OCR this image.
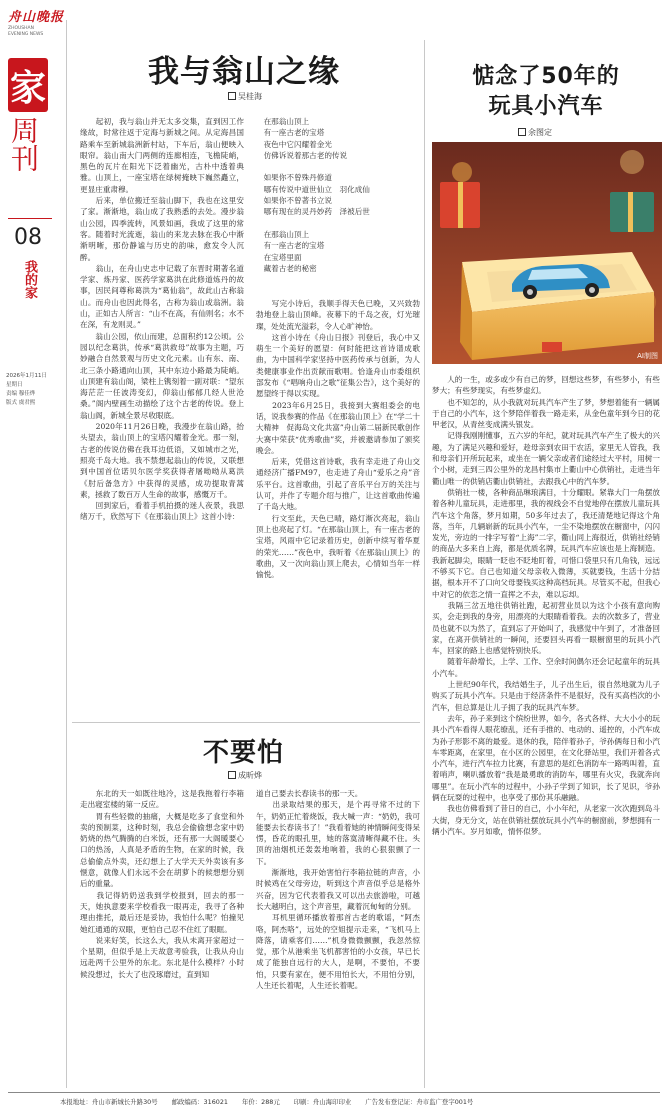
舟山晚报
ZHOUSHAN EVENING NEWS
家
周刊
08
我的家
2026年1月11日
星期日
责编 穆佳烨
版式 虞君熙
我与翁山之缘
吴桂海

　　起初，我与翁山并无太多交集，直到因工作缘故，时常往返于定海与新城之间。从定海昌国路乘车至新城翁洲新村站，下车后，翁山便映入眼帘。翁山南大门两侧的连廊相连，飞檐陡峭，黑色的瓦片在阳光下泛着幽光，古朴中透着典雅。山顶上，一座宝塔在绿树掩映下巍然矗立，更显庄重肃穆。
　　后来，单位搬迁至翁山脚下，我也在这里安了家。渐渐地，翁山成了我熟悉的去处。漫步翁山公园，四季流转，风景如画，我成了这里的常客。随着时光流逝，翁山的来龙去脉在我心中渐渐明晰，那份静谧与历史的韵味，愈发令人沉醉。
　　翁山，在舟山史志中记载了东晋时期著名道学家、炼丹家、医药学家葛洪在此修道炼丹的故事，因民间尊称葛洪为“葛仙翁”，故此山古称翁山。而舟山也因此得名，古称为翁山或翁洲。翁山，正如古人所言：“山不在高，有仙则名；水不在深，有龙则灵。”
　　翁山公园，依山而建，总面积约12公顷。公园以纪念葛洪，传承“葛洪救母”故事为主题，巧妙融合自然景观与历史文化元素。山有东、南、北三条小路通向山顶，其中东边小路最为陡峭。山顶建有翁山阁，梁柱上镌刻着一副对联：“望东海茫茫一任波涛变幻，仰翁山郁郁几经人世沧桑。”阁内壁画生动描绘了这个古老的传说。登上翁山阁，新城全景尽收眼底。
　　2020年11月26日晚，我漫步在翁山路，抬头望去，翁山顶上的宝塔闪耀着金光。那一刻，古老的传说仿佛在我耳边低语，又如城市之光，照亮千岛大地。我不禁想起翁山的传说，又联想到中国首位诺贝尔医学奖获得者屠呦呦从葛洪《肘后备急方》中获得的灵感，成功提取青蒿素，拯救了数百万人生命的故事，感慨万千。
　　回到家后，看着手机拍摄的迷人夜景，我思绪万千，欣然写下《在那翁山顶上》这首小诗：

　在那翁山顶上
　有一座古老的宝塔
　夜色中它闪耀着金光
　仿佛诉说着那古老的传说

　如果你不曾殊丹修道
　哪有传说中道世仙立　羽化成仙
　如果你不曾著书立说
　哪有现在的灵丹妙药　泽被后世

　在那翁山顶上
　有一座古老的宝塔
　在宝塔里面
　藏着古老的秘密

　　写完小诗后，我顺手得天色已晚，又兴致勃勃地登上翁山顶峰。夜幕下的千岛之夜，灯光璀璨，处处流光溢彩，令人心旷神怡。
　　这首小诗在《舟山日报》刊登后，我心中又萌生一个美好的愿望：何时能把这首诗谱成歌曲，为中国科学家坚持中医药传承与创新，为人类健康事业作出贡献而歌唱。恰逢舟山市委组织部发布《“唱响舟山之歌”征集公告》，这个美好的愿望终于得以实现。
　　2023年6月25日，我接到大赛组委会的电话，说我参赛的作品《在那翁山顶上》在“学二十大精神　促海岛文化共富”舟山第二届新民歌创作大赛中荣获“优秀歌曲”奖，并被邀请参加了颁奖晚会。
　　后来，凭借这首诗歌，我有幸走进了舟山交通经济广播FM97，也走进了舟山“爱乐之舟”音乐平台。这首歌曲，引起了音乐平台万的关注与认可，并作了专题介绍与推广，让这首歌曲传遍了千岛大地。
　　行文至此，天色已晴，路灯渐次亮起，翁山顶上也亮起了灯。“在那翁山顶上，有一座古老的宝塔，风雨中它记录着历史，创新中续写着华夏的荣光……”夜色中，我听着《在那翁山顶上》的歌曲，又一次向翁山顶上爬去，心情如当年一样愉悦。

不要怕
成昕烨

　　东北的天一如既往地冷，这是我拖着行李箱走出寝室楼的第一反应。
　　胃有些轻微的抽痛，大概是吃多了食堂和外卖的预制菜，这种时刻，我总会偷偷想念家中奶奶烧的热气腾腾的白米饭，还有那一大阁暖要心口的热汤，人真是矛盾的生物，在家的时候，我总偷偷点外卖，还幻想上了大学天天外卖该有多惬意，就像人们永远不会在胡萝卜的候想想分别后的重量。
　　我记得奶奶送我到学校报到，回去的那一天，她执意要来学校看我一眼再走，我寻了各种理由推托，最后还是妥协，我怕什么呢？怕撞见她红通通的双眼，更怕自己忍不住红了眼眶。
　　说来好笑，长这么大，我从未离开家超过一个星期，但似乎是上天故意考验我，让我从舟山远赴两千公里外的东北。东北是什么模样？小时候没想过，长大了也没琢磨过，直到知

道自己要去长春读书的那一天。
　　出录取结果的那天，是个再寻常不过的下午，奶奶正忙着烧饭，我大喊一声：“奶奶，我可能要去长春读书了！”我看着她的神情瞬间变得呆愣，昏花的眼孔里，她的落寞清晰得藏不住。头顶的油烟机还轰轰地响着，我的心狠狠颤了一下。
　　渐渐地，我开始害怕行李箱拉链的声音，小时候鸡在父母旁边，听到这个声音似乎总是格外兴奋，因为它代表着我又可以出去旅游啦，可越长大越明白，这个声音里，藏着沉甸甸的分别。
　　耳机里循环播放着那首古老的歌谣，“阿杰咯，阿杰咯”，远处的空姐提示走来，“飞机马上降落，请乘客们……”机身微微颤颤，我忽然惊觉，那个从港乘坐飞机都害怕的小女孩，早已长成了能独自远行的大人，是啊，不要怕，不要怕，只要有家在，便不用怕长大，不用怕分别，人生还长着呢，人生还长着呢。

惦念了50年的
玩具小汽车
余图定
AI制图

　　人的一生，或多或少有自己的梦，回想这些梦，有些梦小，有些梦大；有些梦现实，有些梦虚幻。
　　也不知怎的，从小我就对玩具汽车产生了梦，梦想着能有一辆属于自己的小汽车，这个梦陪伴着我一路走来，从金色童年到今日的花甲老汉，从青丝变成满头银发。
　　记得我刚刚懂事，五六岁的年纪，就对玩具汽车产生了极大的兴趣，为了满足兴趣和爱好，趁母亲到农田干农活，家里无人管我，我和母亲们开所玩起来，或坐在一辆父亲或者们途经过大平村，用树一个小树，走到三四公里外的龙昌村集市上衢山中心供销社，走进当年衢山唯一的供销店衢山供销社，去跟我心中的汽车梦。
　　供销社一楼，各种商品琳琅满目，十分耀眼。紧靠大门一角摆放着各种儿童玩具，走进那里，我的视线会不自觉地停在摆放儿童玩具汽车这个角落，梦月如期，50多年过去了，我还清楚地记得这个角落，当年，几辆崭新的玩具小汽车，一尘不染地摆放在橱窗中，闪闪发光，旁边的一排字写着“上海”二字，衢山同上海很近，供销社经销的商品大多来自上海，都是优质名牌，玩具汽车应该也是上海制造。我新起脚尖，眼睛一眨也不眨地盯着，可惜口袋里只有几角钱，远远不够买下它。自己也知道父母亲收入微薄，买就要钱，生活十分拮据，根本开不了口向父母要钱买这种高档玩具。尽管买不起，但我心中对它的依恋之情一直挥之不去，难以忘却。
　　我隔三岔五地往供销社跑，起初营业员以为这个小孩有意向购买，会走到我的身旁，用漂亮的大眼睛看着我。去的次数多了，营业员也就不以为然了，直到忘了开始叫了，我感觉中午到了，才准备回家，在离开供销社的一瞬间，还要回头再看一眼橱窗里的玩具小汽车，回家的路上也感觉特别快乐。
　　随着年龄增长，上学、工作、空余时间偶尔还会记起童年的玩具小汽车。
　　上世纪90年代，我结婚生子，儿子出生后，很自然地就为儿子购买了玩具小汽车。只是由于经济条件不是很好，没有买高档次的小汽车，但总算是让儿子拥了我的玩具汽车梦。
　　去年，孙子来到这个缤纷世界，如今，各式各样、大大小小的玩具小汽车看得人眼花缭乱，还有手推的、电动的、遥控的，小汽车成为孙子形影不离的最爱。退休的我，陪伴着孙子，爷孙俩每日和小汽车零距离，在家里，在小区的公园里，在文化驿站里，我们开着各式小汽车，进行汽车拉力比赛，有意思的是红色消防车一路鸣叫着，直着哨声，喇叭播放着“我是最勇敢的消防车，哪里有火灾，我就奔向哪里”。在玩小汽车的过程中，小孙子学到了知识，长了见识，爷孙俩在玩耍的过程中，也享受了那份其乐融融。
　　我也仿佛看到了昔日的自己，小小年纪，从老家一次次跑到岛斗大街，身无分文，站在供销社摆放玩具小汽车的橱窗前，梦想拥有一辆小汽车。岁月如歌，情怀似梦。

本报地址：舟山市新城长升路30号 邮政编码：316021 年价：288元 印刷：舟山海印印业 广告发布登记证：舟市监广登字001号
